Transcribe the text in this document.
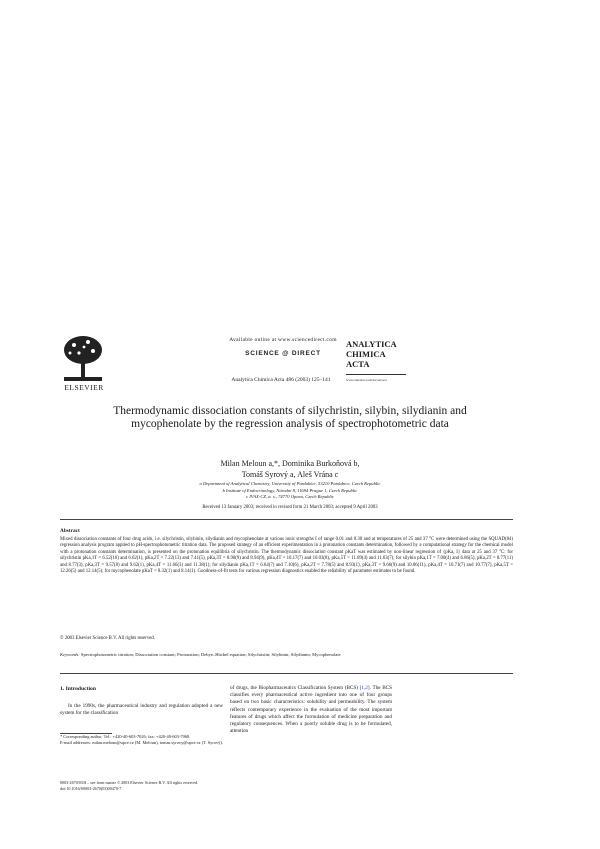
ELSEVIER
Available online at www.sciencedirect.com
SCIENCE @ DIRECT
Analytica Chimica Acta 486 (2003) 125–141
ANALYTICA
CHIMICA
ACTA
www.elsevier.com/locate/aca
Thermodynamic dissociation constants of silychristin, silybin, silydianin and mycophenolate by the regression analysis of spectrophotometric data
Milan Meloun a,*, Dominika Burkoňová b,
Tomáš Syrový a, Aleš Vrána c
a Department of Analytical Chemistry, University of Pardubice, 53210 Pardubice, Czech Republic
b Institute of Endocrinology, Národní 8, 11694 Prague 1, Czech Republic
c IVAX-CZ, a. s., 74770 Opava, Czech Republic
Received 13 January 2003; received in revised form 21 March 2003; accepted 9 April 2003
Abstract
Mixed dissociation constants of four drug acids, i.e. silychristin, silybinin, silydianin and mycophenolate at various ionic strengths I of range 0.01 and 0.30 and at temperatures of 25 and 37 °C were determined using the SQUAD(84) regression analysis program applied to pH-spectrophotometric titration data. The proposed strategy of an efficient experimentation in a protonation constants determination, followed by a computational strategy for the chemical model with a protonation constants determination, is presented on the protonation equilibria of silychristin. The thermodynamic dissociation constant pKaT was estimated by non-linear regression of {pKa, I} data at 25 and 37 °C: for silychristin pKa,1T = 6.52(16) and 6.62(1), pKa,2T = 7.22(13) and 7.41(5), pKa,3T = 8.96(9) and 8.94(9), pKa,4T = 10.17(7) and 10.03(8), pKa,5T = 11.89(4) and 11.63(7); for silybin pKa,1T = 7.00(4) and 6.86(5), pKa,2T = 8.77(11) and 8.77(3), pKa,3T = 9.57(8) and 9.62(1), pKa,4T = 11.66(3) and 11.38(1); for silydianin pKa,1T = 6.64(7) and 7.10(6), pKa,2T = 7.78(5) and 8.93(1), pKa,3T = 9.66(9) and 10.06(11), pKa,4T = 10.71(7) and 10.77(7), pKa,5T = 12.26(5) and 12.14(5); for mycophenolate pKaT = 8.32(1) and 8.14(1). Goodness-of-fit tests for various regression diagnostics enabled the reliability of parameter estimates to be found.
© 2003 Elsevier Science B.V. All rights reserved.
Keywords: Spectrophotometric titration; Dissociation constant; Protonation; Debye–Hückel equation; Silychristin; Silybinin; Silydianin; Mycophenolate
1. Introduction
In the 1990s, the pharmaceutical industry and regulation adopted a new system for the classification
* Corresponding author. Tel.: +420-40-603-7026; fax: +420-40-603-7068.
E-mail addresses: milan.meloun@upce.cz (M. Meloun), tomas.syrovy@upce.cz (T. Syrový).
of drugs, the Biopharmaceutics Classification System (BCS) [1,2]. The BCS classifies every pharmaceutical active ingredient into one of four groups based on two basic characteristics: solubility and permeability. The system reflects contemporary experience in the evaluation of the most important features of drugs which affect the formulation of medicine preparation and regulatory consequences. When a poorly soluble drug is to be formulated, attention
0003-2670/03/$ – see front matter © 2003 Elsevier Science B.V. All rights reserved.
doi:10.1016/S0003-2670(03)00470-7
